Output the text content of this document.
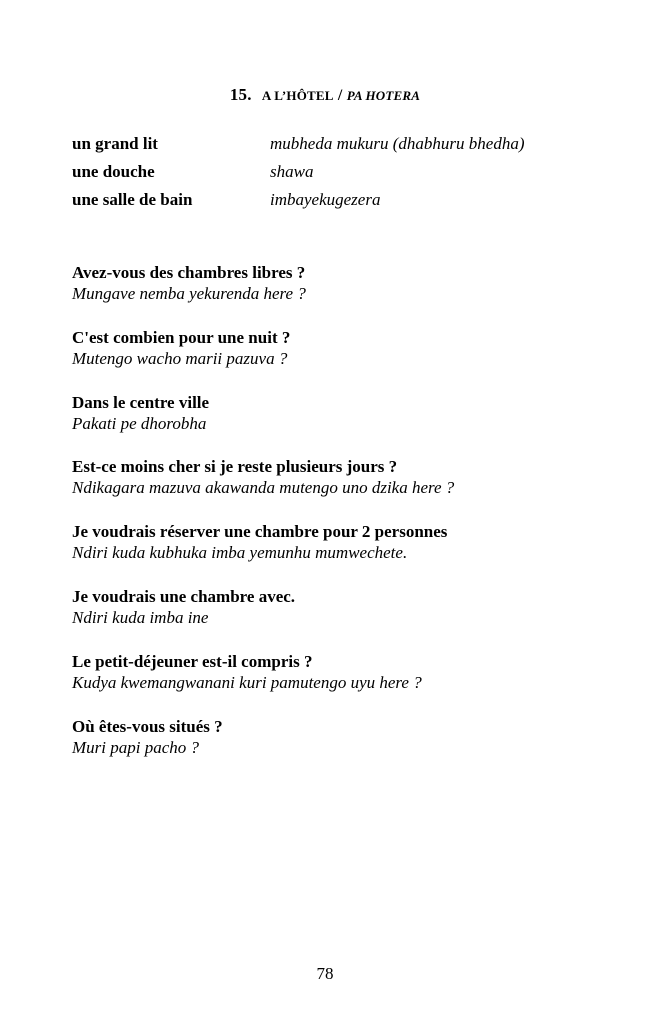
15. A L’HÔTEL / PA HOTERA
un grand lit	mubheda mukuru (dhabhuru bhedha)
une douche	shawa
une salle de bain	imbayekugezera
Avez-vous des chambres libres ?
Mungave nemba yekurenda here ?
C'est combien pour une nuit ?
Mutengo wacho marii pazuva ?
Dans le centre ville
Pakati pe dhorobha
Est-ce moins cher si je reste plusieurs jours ?
Ndikagara mazuva akawanda mutengo uno dzika here ?
Je voudrais réserver une chambre pour 2 personnes
Ndiri kuda kubhuka imba yemunhu mumwechete.
Je voudrais une chambre avec.
Ndiri kuda imba ine
Le petit-déjeuner est-il compris ?
Kudya kwemangwanani kuri pamutengo uyu here ?
Où êtes-vous situés ?
Muri papi pacho ?
78
